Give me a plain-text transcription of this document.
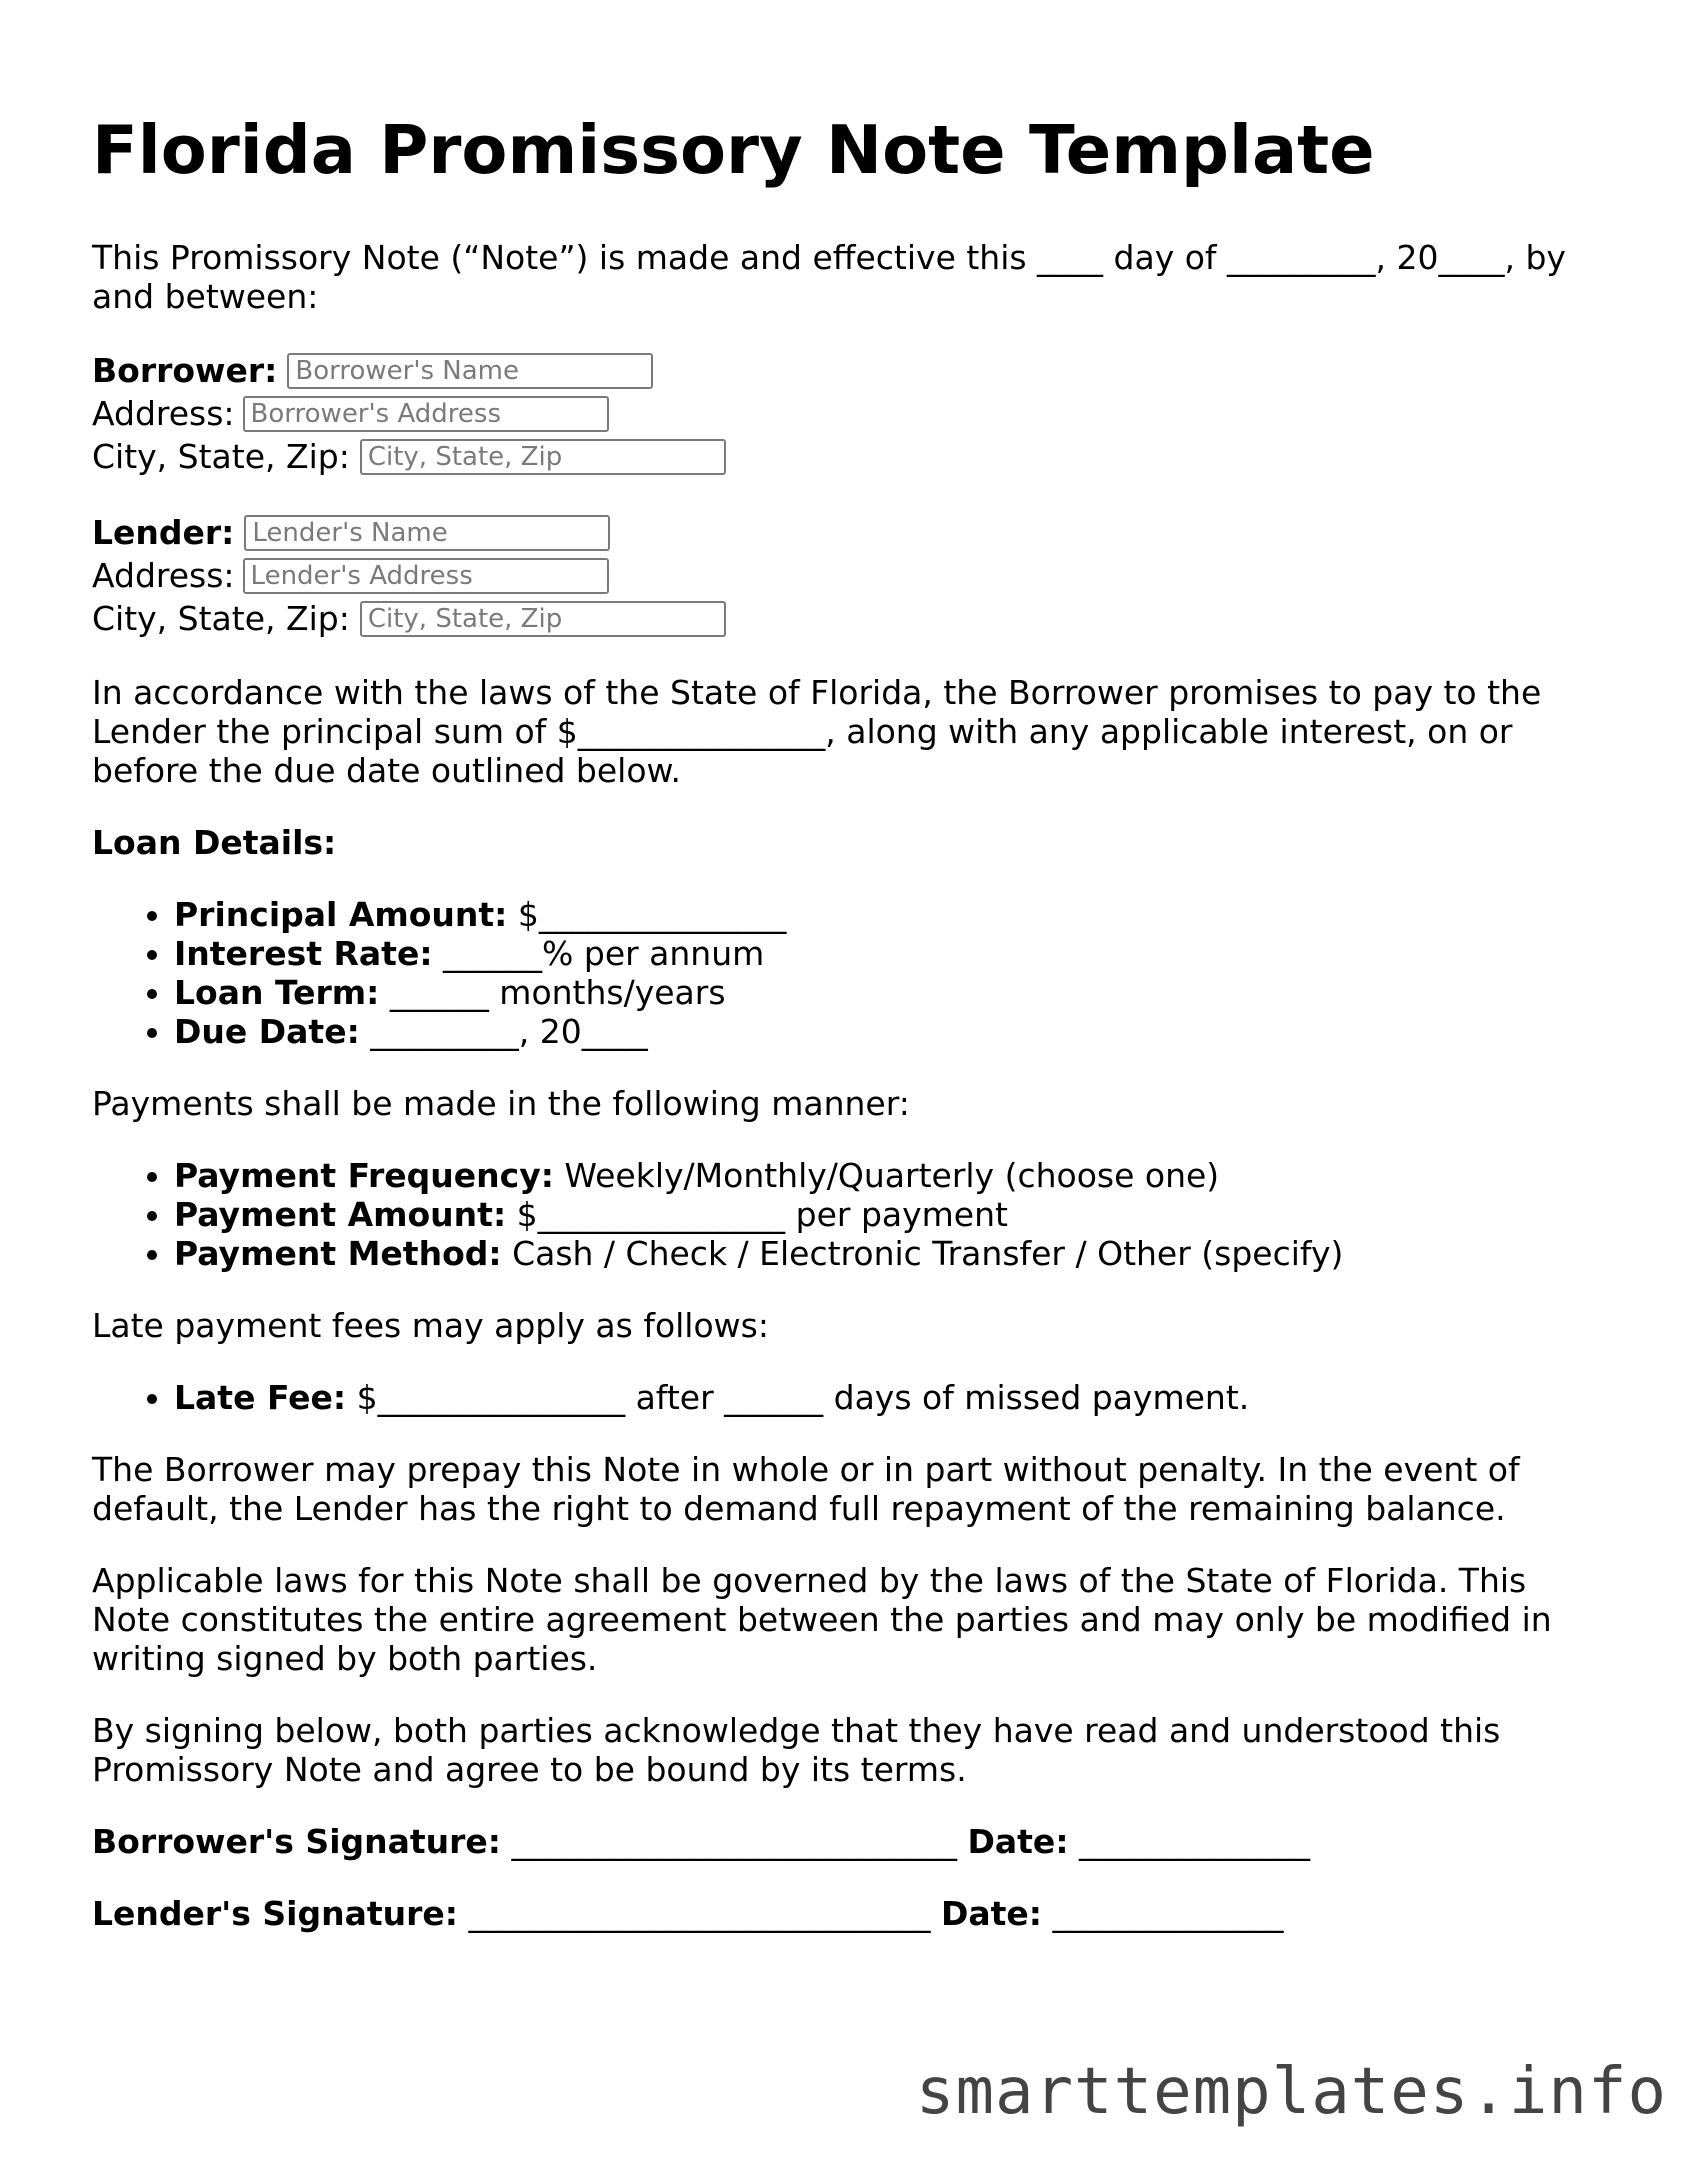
Florida Promissory Note Template

This Promissory Note (“Note”) is made and effective this ____ day of _________, 20____, by and between:

Borrower:
Borrower's Name
Address:
Borrower's Address
City, State, Zip:
City, State, Zip
Lender:
Lender's Name
Address:
Lender's Address
City, State, Zip:
City, State, Zip

In accordance with the laws of the State of Florida, the Borrower promises to pay to the Lender the principal sum of $_______________, along with any applicable interest, on or before the due date outlined below.

Loan Details:

• Principal Amount: $_______________
• Interest Rate: ______% per annum
• Loan Term: ______ months/years
• Due Date: _________, 20____

Payments shall be made in the following manner:

• Payment Frequency: Weekly/Monthly/Quarterly (choose one)
• Payment Amount: $_______________ per payment
• Payment Method: Cash / Check / Electronic Transfer / Other (specify)

Late payment fees may apply as follows:

• Late Fee: $_______________ after ______ days of missed payment.

The Borrower may prepay this Note in whole or in part without penalty. In the event of default, the Lender has the right to demand full repayment of the remaining balance.

Applicable laws for this Note shall be governed by the laws of the State of Florida. This Note constitutes the entire agreement between the parties and may only be modified in writing signed by both parties.

By signing below, both parties acknowledge that they have read and understood this Promissory Note and agree to be bound by its terms.

Borrower's Signature: ___________________________ Date: ______________
Lender's Signature: ____________________________ Date: ______________
smarttemplates.info
